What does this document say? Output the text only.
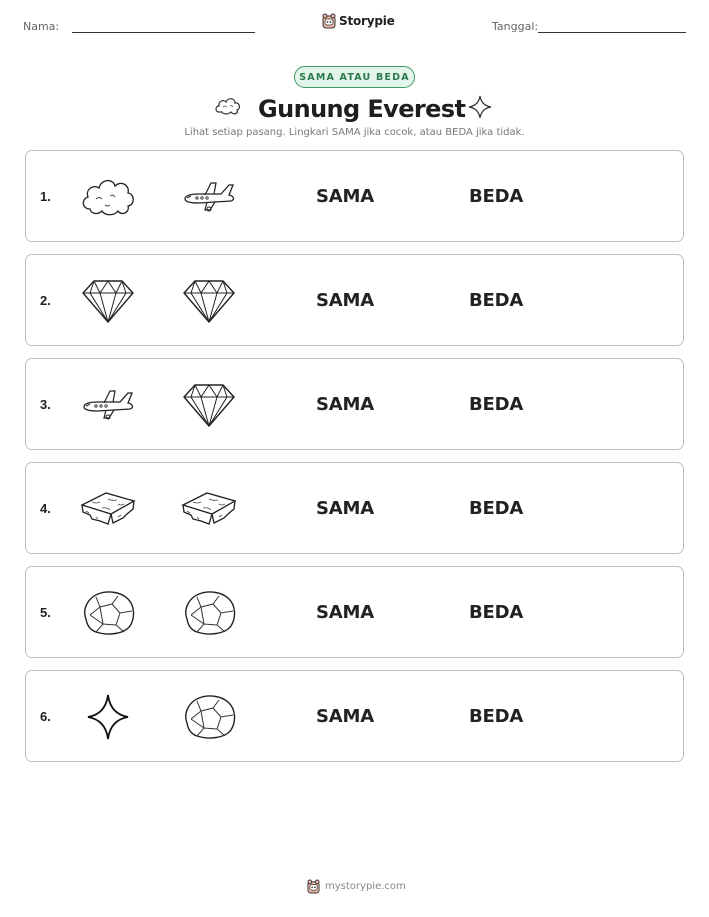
Nama:	Storypie	Tanggal:
SAMA ATAU BEDA
Gunung Everest
Lihat setiap pasang. Lingkari SAMA jika cocok, atau BEDA jika tidak.
1.	SAMA	BEDA
2.	SAMA	BEDA
3.	SAMA	BEDA
4.	SAMA	BEDA
5.	SAMA	BEDA
6.	SAMA	BEDA
mystorypie.com
